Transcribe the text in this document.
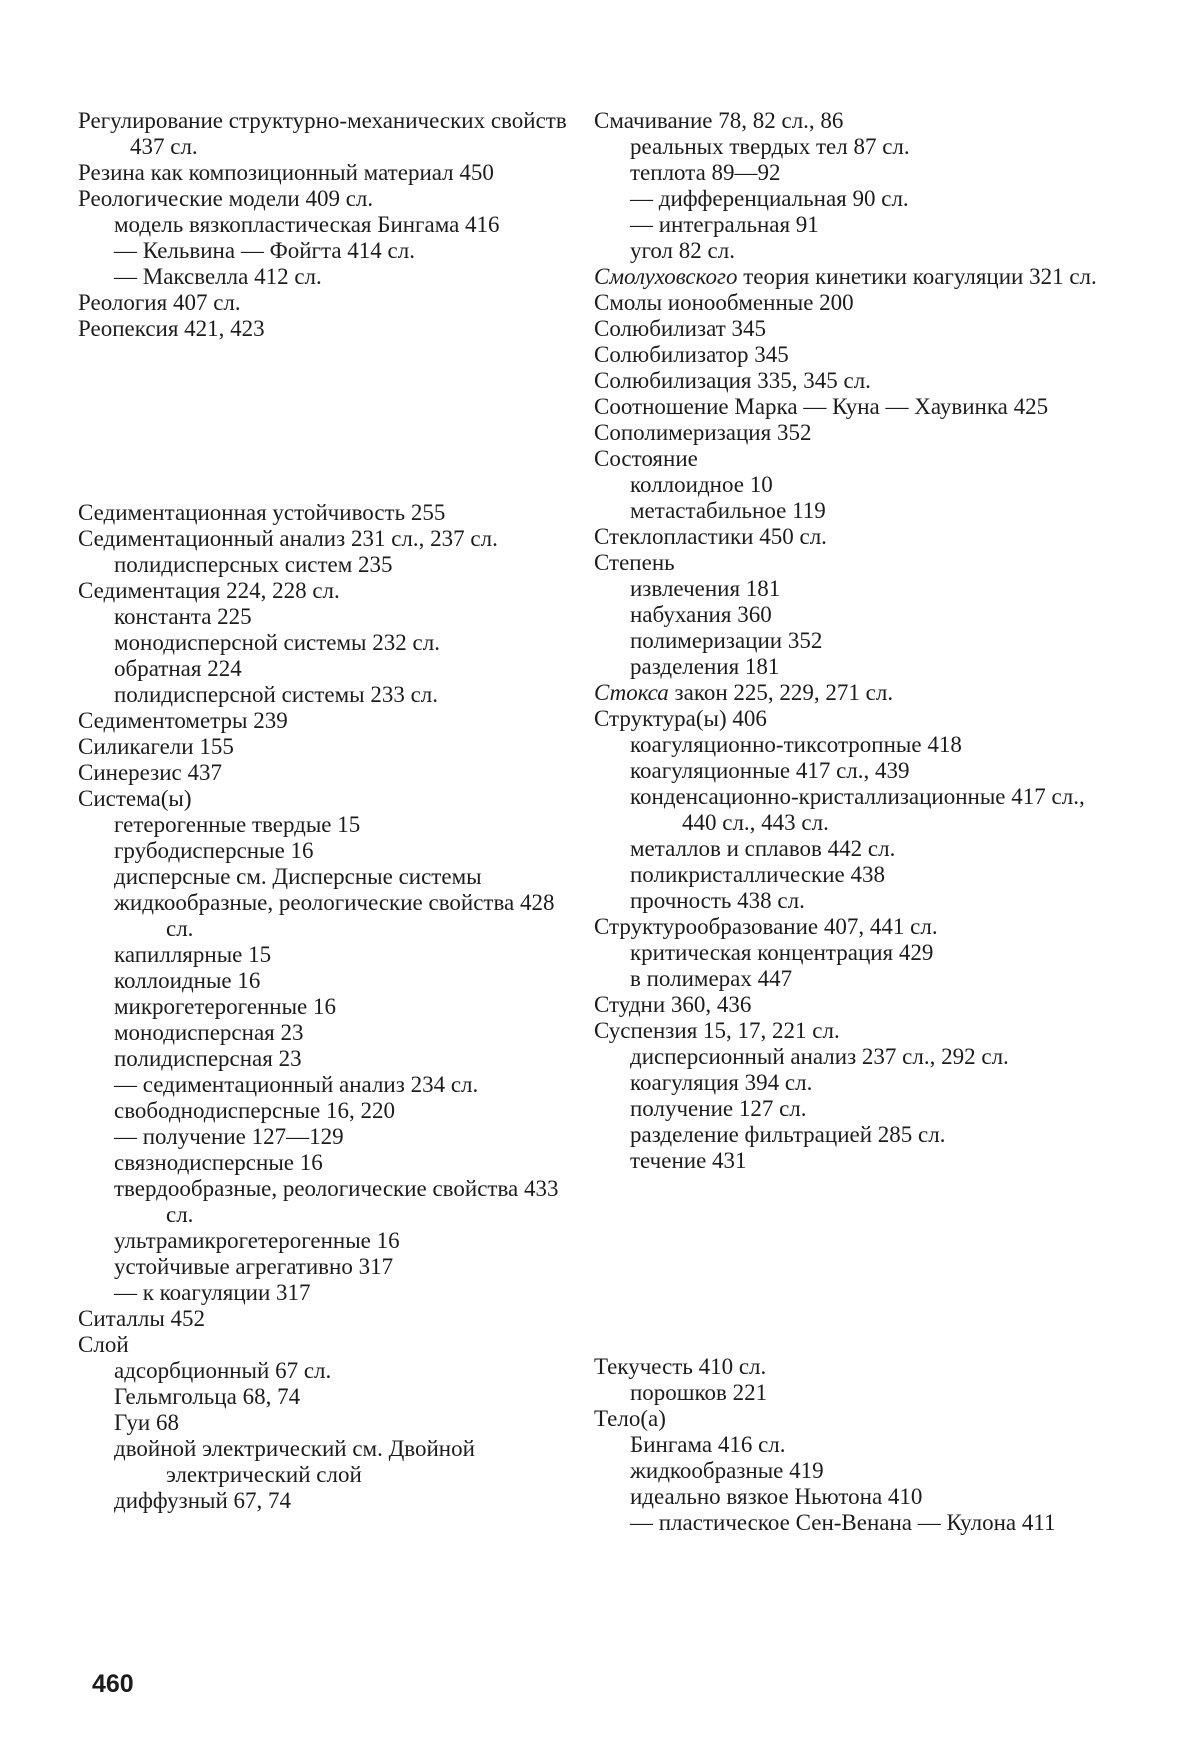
Регулирование структурно-механических свойств 437 сл.
Резина как композиционный материал 450
Реологические модели 409 сл.
модель вязкопластическая Бингама 416
— Кельвина — Фойгта 414 сл.
— Максвелла 412 сл.
Реология 407 сл.
Реопексия 421, 423
Седиментационная устойчивость 255
Седиментационный анализ 231 сл., 237 сл.
полидисперсных систем 235
Седиментация 224, 228 сл.
константа 225
монодисперсной системы 232 сл.
обратная 224
полидисперсной системы 233 сл.
Седиментометры 239
Силикагели 155
Синерезис 437
Система(ы)
гетерогенные твердые 15
грубодисперсные 16
дисперсные см. Дисперсные системы
жидкообразные, реологические свойства 428 сл.
капиллярные 15
коллоидные 16
микрогетерогенные 16
монодисперсная 23
полидисперсная 23
— седиментационный анализ 234 сл.
свободнодисперсные 16, 220
— получение 127—129
связнодисперсные 16
твердообразные, реологические свойства 433 сл.
ультрамикрогетерогенные 16
устойчивые агрегативно 317
— к коагуляции 317
Ситаллы 452
Слой
адсорбционный 67 сл.
Гельмгольца 68, 74
Гуи 68
двойной электрический см. Двойной электрический слой
диффузный 67, 74
Смачивание 78, 82 сл., 86
реальных твердых тел 87 сл.
теплота 89—92
— дифференциальная 90 сл.
— интегральная 91
угол 82 сл.
Смолуховского теория кинетики коагуляции 321 сл.
Смолы ионообменные 200
Солюбилизат 345
Солюбилизатор 345
Солюбилизация 335, 345 сл.
Соотношение Марка — Куна — Хаувинка 425
Сополимеризация 352
Состояние
коллоидное 10
метастабильное 119
Стеклопластики 450 сл.
Степень
извлечения 181
набухания 360
полимеризации 352
разделения 181
Стокса закон 225, 229, 271 сл.
Структура(ы) 406
коагуляционно-тиксотропные 418
коагуляционные 417 сл., 439
конденсационно-кристаллизационные 417 сл., 440 сл., 443 сл.
металлов и сплавов 442 сл.
поликристаллические 438
прочность 438 сл.
Структурообразование 407, 441 сл.
критическая концентрация 429
в полимерах 447
Студни 360, 436
Суспензия 15, 17, 221 сл.
дисперсионный анализ 237 сл., 292 сл.
коагуляция 394 сл.
получение 127 сл.
разделение фильтрацией 285 сл.
течение 431
Текучесть 410 сл.
порошков 221
Тело(а)
Бингама 416 сл.
жидкообразные 419
идеально вязкое Ньютона 410
— пластическое Сен-Венана — Кулона 411
460
